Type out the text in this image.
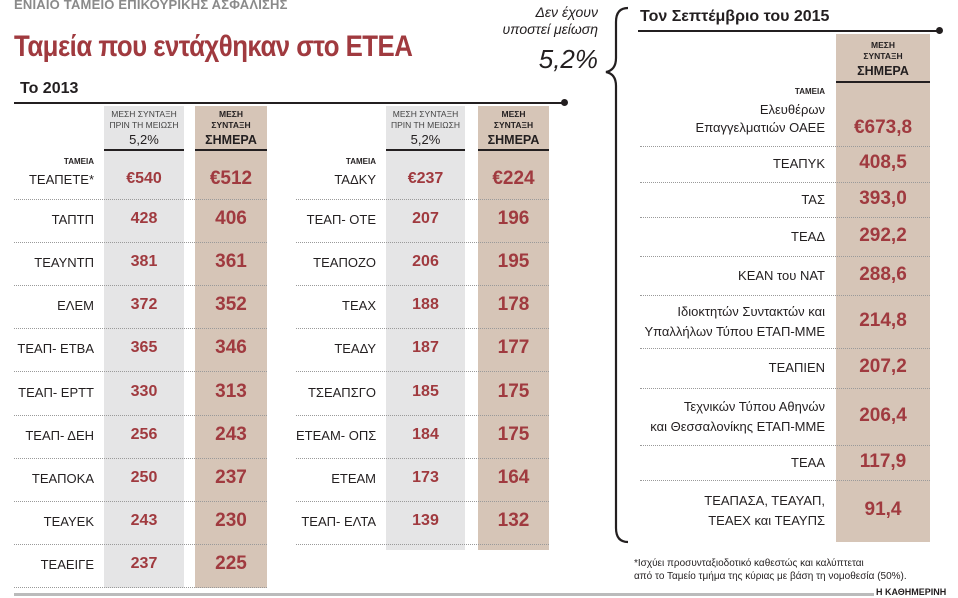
ΕΝΙΑΙΟ ΤΑΜΕΙΟ ΕΠΙΚΟΥΡΙΚΗΣ ΑΣΦΑΛΙΣΗΣ
Ταμεία που εντάχθηκαν στο ΕΤΕΑ
Το 2013
ΜΕΣΗ ΣΥΝΤΑΞΗ
ΠΡΙΝ ΤΗ ΜΕΙΩΣΗ
5,2%
ΜΕΣΗ
ΣΥΝΤΑΞΗ
ΣΗΜΕΡΑ
ΤΑΜΕΙΑ
ΜΕΣΗ ΣΥΝΤΑΞΗ
ΠΡΙΝ ΤΗ ΜΕΙΩΣΗ
5,2%
ΜΕΣΗ
ΣΥΝΤΑΞΗ
ΣΗΜΕΡΑ
ΤΑΜΕΙΑ
Δεν έχουν
υποστεί μείωση
5,2%
Τον Σεπτέμβριο του 2015
ΜΕΣΗ
ΣΥΝΤΑΞΗ
ΣΗΜΕΡΑ
ΤΑΜΕΙΑ
ΤΕΑΠΕΤΕ*	€540	€512
ΤΑΠΤΠ	428	406
ΤΕΑΥΝΤΠ	381	361
ΕΛΕΜ	372	352
ΤΕΑΠ- ΕΤΒΑ	365	346
ΤΕΑΠ- ΕΡΤΤ	330	313
ΤΕΑΠ- ΔΕΗ	256	243
ΤΕΑΠΟΚΑ	250	237
ΤΕΑΥΕΚ	243	230
ΤΕΑΕΙΓΕ	237	225
ΤΑΔΚΥ	€237	€224
ΤΕΑΠ- ΟΤΕ	207	196
ΤΕΑΠΟΖΟ	206	195
ΤΕΑΧ	188	178
ΤΕΑΔΥ	187	177
ΤΣΕΑΠΣΓΟ	185	175
ΕΤΕΑΜ- ΟΠΣ	184	175
ΕΤΕΑΜ	173	164
ΤΕΑΠ- ΕΛΤΑ	139	132
Ελευθέρων
Επαγγελματιών ΟΑΕΕ	€673,8
ΤΕΑΠΥΚ	408,5
ΤΑΣ	393,0
ΤΕΑΔ	292,2
ΚΕΑΝ του ΝΑΤ	288,6
Ιδιοκτητών Συντακτών και
Υπαλλήλων Τύπου ΕΤΑΠ-ΜΜΕ
214,8
ΤΕΑΠΙΕΝ	207,2
Τεχνικών Τύπου Αθηνών
και Θεσσαλονίκης ΕΤΑΠ-ΜΜΕ
206,4
ΤΕΑΑ	117,9
ΤΕΑΠΑΣΑ, ΤΕΑΥΑΠ,
ΤΕΑΕΧ και ΤΕΑΥΠΣ
91,4
*Ισχύει προσυνταξιοδοτικό καθεστώς και καλύπτεται
από το Ταμείο τμήμα της κύριας με βάση τη νομοθεσία (50%).
Η ΚΑΘΗΜΕΡΙΝΗ
